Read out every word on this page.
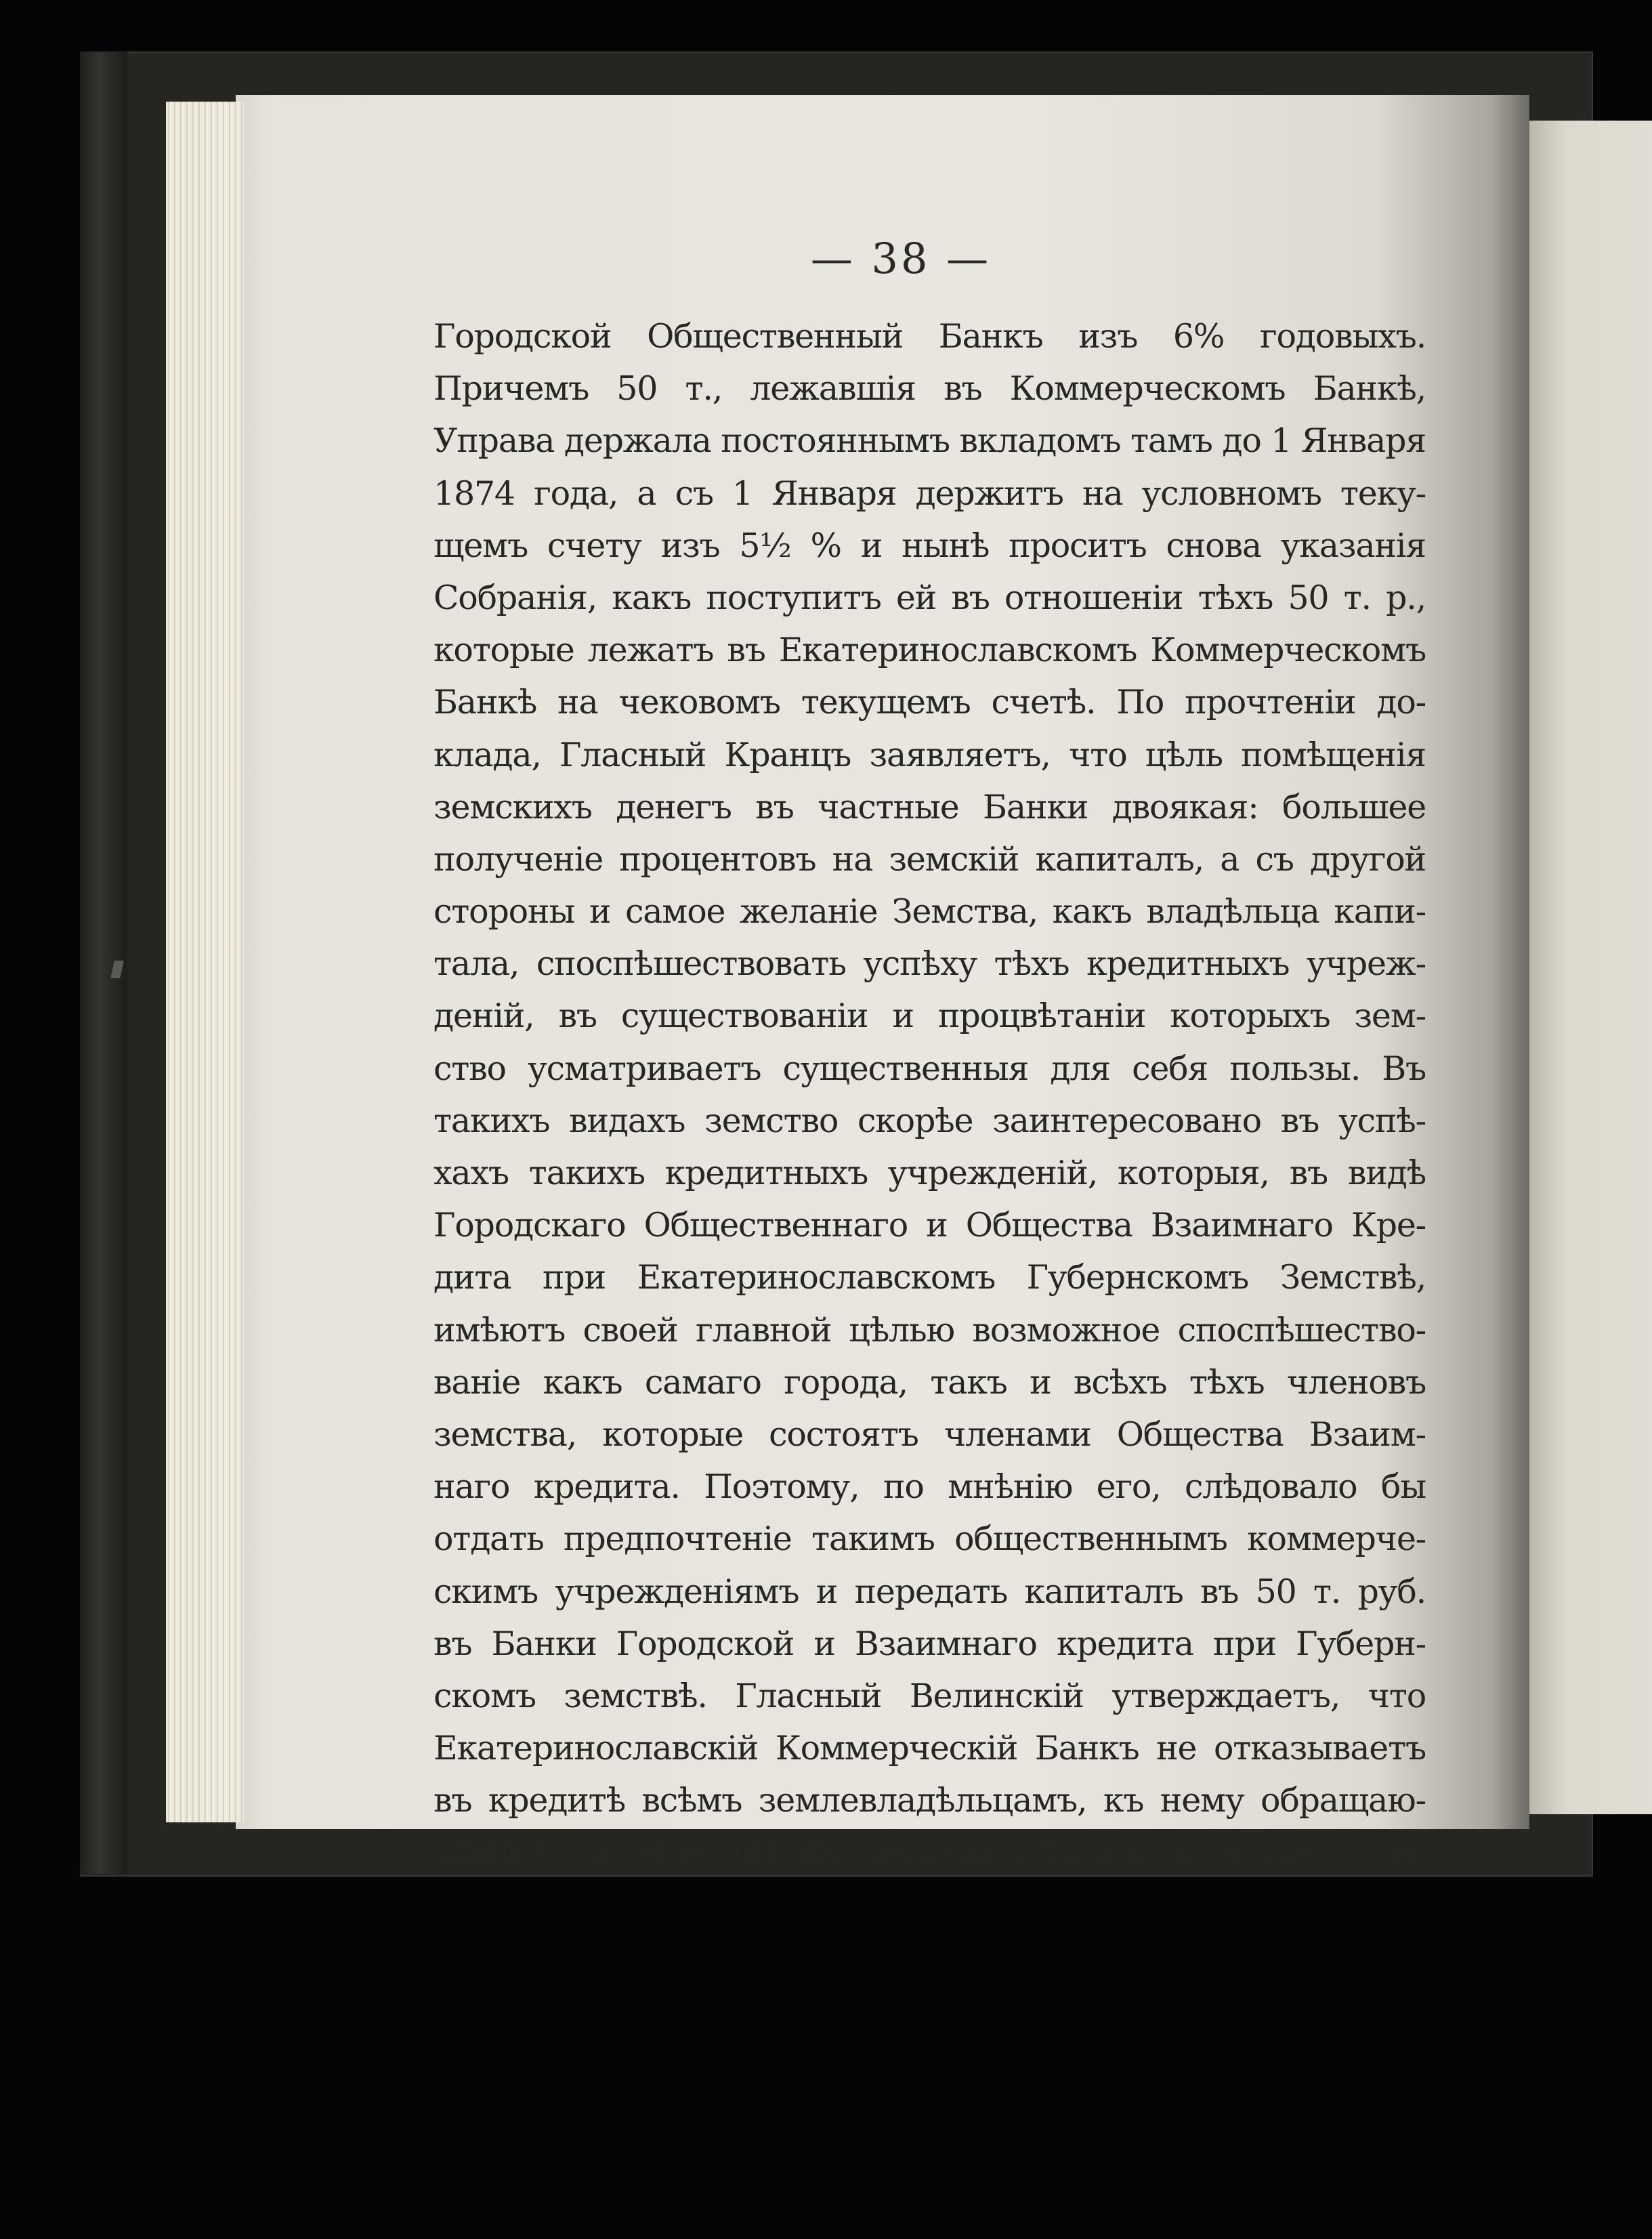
— 38 —
Городской Общественный Банкъ изъ 6% годовыхъ.
Причемъ 50 т., лежавшія въ Коммерческомъ Банкѣ,
Управа держала постояннымъ вкладомъ тамъ до 1 Января
1874 года, а съ 1 Января держитъ на условномъ теку-
щемъ счету изъ 5½ % и нынѣ проситъ снова указанія
Собранія, какъ поступитъ ей въ отношеніи тѣхъ 50 т. р.,
которые лежатъ въ Екатеринославскомъ Коммерческомъ
Банкѣ на чековомъ текущемъ счетѣ. По прочтеніи до-
клада, Гласный Кранцъ заявляетъ, что цѣль помѣщенія
земскихъ денегъ въ частные Банки двоякая: большее
полученіе процентовъ на земскій капиталъ, а съ другой
стороны и самое желаніе Земства, какъ владѣльца капи-
тала, споспѣшествовать успѣху тѣхъ кредитныхъ учреж-
деній, въ существованіи и процвѣтаніи которыхъ зем-
ство усматриваетъ существенныя для себя пользы. Въ
такихъ видахъ земство скорѣе заинтересовано въ успѣ-
хахъ такихъ кредитныхъ учрежденій, которыя, въ видѣ
Городскаго Общественнаго и Общества Взаимнаго Кре-
дита при Екатеринославскомъ Губернскомъ Земствѣ,
имѣютъ своей главной цѣлью возможное споспѣшество-
ваніе какъ самаго города, такъ и всѣхъ тѣхъ членовъ
земства, которые состоятъ членами Общества Взаим-
наго кредита. Поэтому, по мнѣнію его, слѣдовало бы
отдать предпочтеніе такимъ общественнымъ коммерче-
скимъ учрежденіямъ и передать капиталъ въ 50 т. руб.
въ Банки Городской и Взаимнаго кредита при Губерн-
скомъ земствѣ. Гласный Велинскій утверждаетъ, что
Екатеринославскій Коммерческій Банкъ не отказываетъ
въ кредитѣ всѣмъ землевладѣльцамъ, къ нему обращаю-
щимся, но что онъ не можетъ сказать того же о Го-
